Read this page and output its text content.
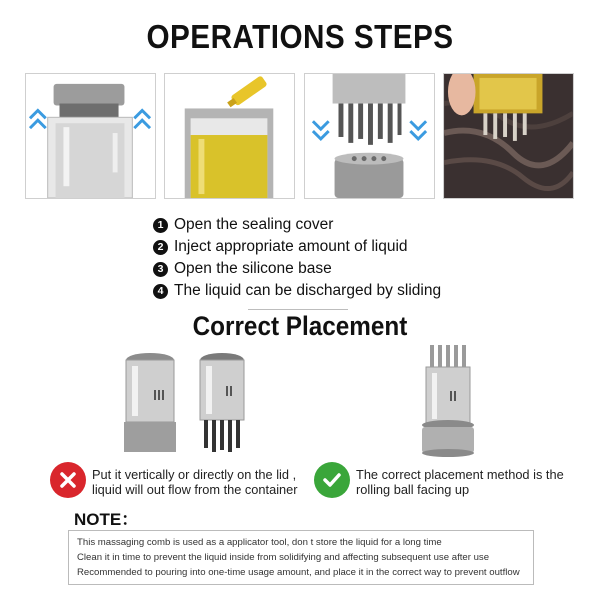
OPERATIONS STEPS
1 Open the sealing cover
2 Inject appropriate amount of liquid
3 Open the silicone base
4 The liquid can be discharged by sliding
Correct Placement
Put it vertically or directly on the lid , liquid will out flow from the container
The correct placement method is the rolling ball facing up
NOTE：
This massaging comb is used as a applicator tool, don t store the liquid for a long time
Clean it in time to prevent the liquid inside from solidifying and affecting subsequent use after use
Recommended to pouring into one-time usage amount, and place it in the correct way to prevent outflow
